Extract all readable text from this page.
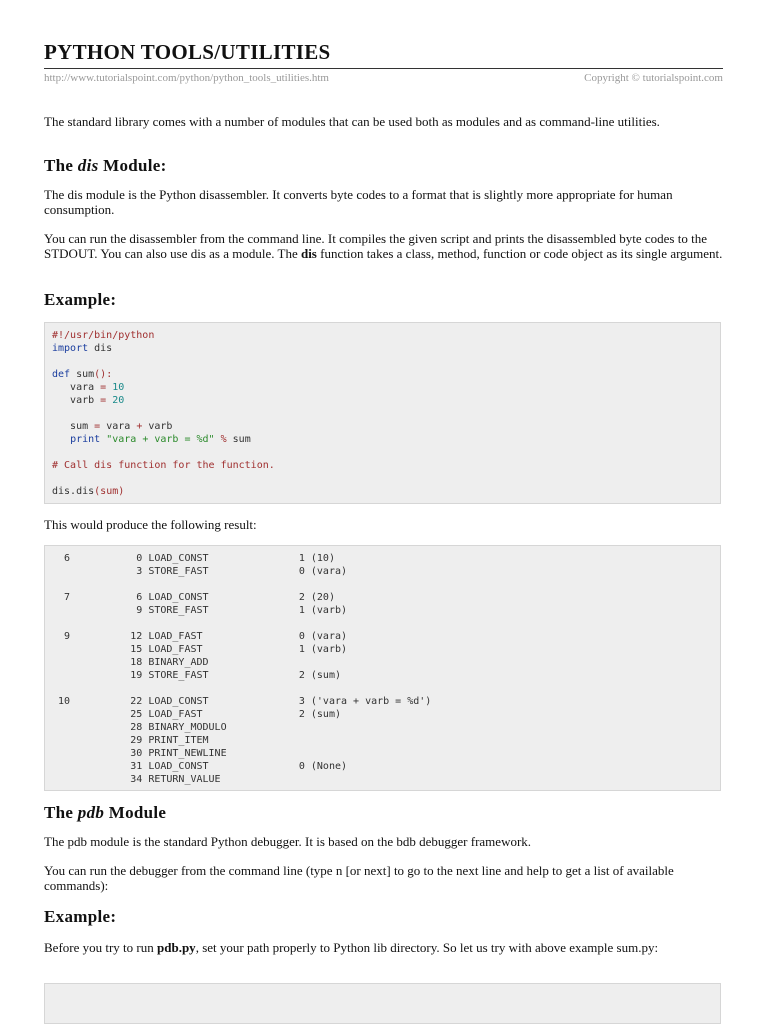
PYTHON TOOLS/UTILITIES
http://www.tutorialspoint.com/python/python_tools_utilities.htm	Copyright © tutorialspoint.com

The standard library comes with a number of modules that can be used both as modules and as command-line utilities.

The dis Module:

The dis module is the Python disassembler. It converts byte codes to a format that is slightly more appropriate for human consumption.

You can run the disassembler from the command line. It compiles the given script and prints the disassembled byte codes to the STDOUT. You can also use dis as a module. The dis function takes a class, method, function or code object as its single argument.

Example:
#!/usr/bin/python
import dis

def sum():
vara = 10
varb = 20

sum = vara + varb
print "vara + varb = %d" % sum

# Call dis function for the function.

dis.dis(sum)

This would produce the following result:

6           0 LOAD_CONST               1 (10)
3 STORE_FAST               0 (vara)

7           6 LOAD_CONST               2 (20)
9 STORE_FAST               1 (varb)

9          12 LOAD_FAST                0 (vara)
15 LOAD_FAST                1 (varb)
18 BINARY_ADD
19 STORE_FAST               2 (sum)

10          22 LOAD_CONST               3 ('vara + varb = %d')
25 LOAD_FAST                2 (sum)
28 BINARY_MODULO
29 PRINT_ITEM
30 PRINT_NEWLINE
31 LOAD_CONST               0 (None)
34 RETURN_VALUE
The pdb Module

The pdb module is the standard Python debugger. It is based on the bdb debugger framework.

You can run the debugger from the command line (type n [or next] to go to the next line and help to get a list of available commands):

Example:

Before you try to run pdb.py, set your path properly to Python lib directory. So let us try with above example sum.py:
